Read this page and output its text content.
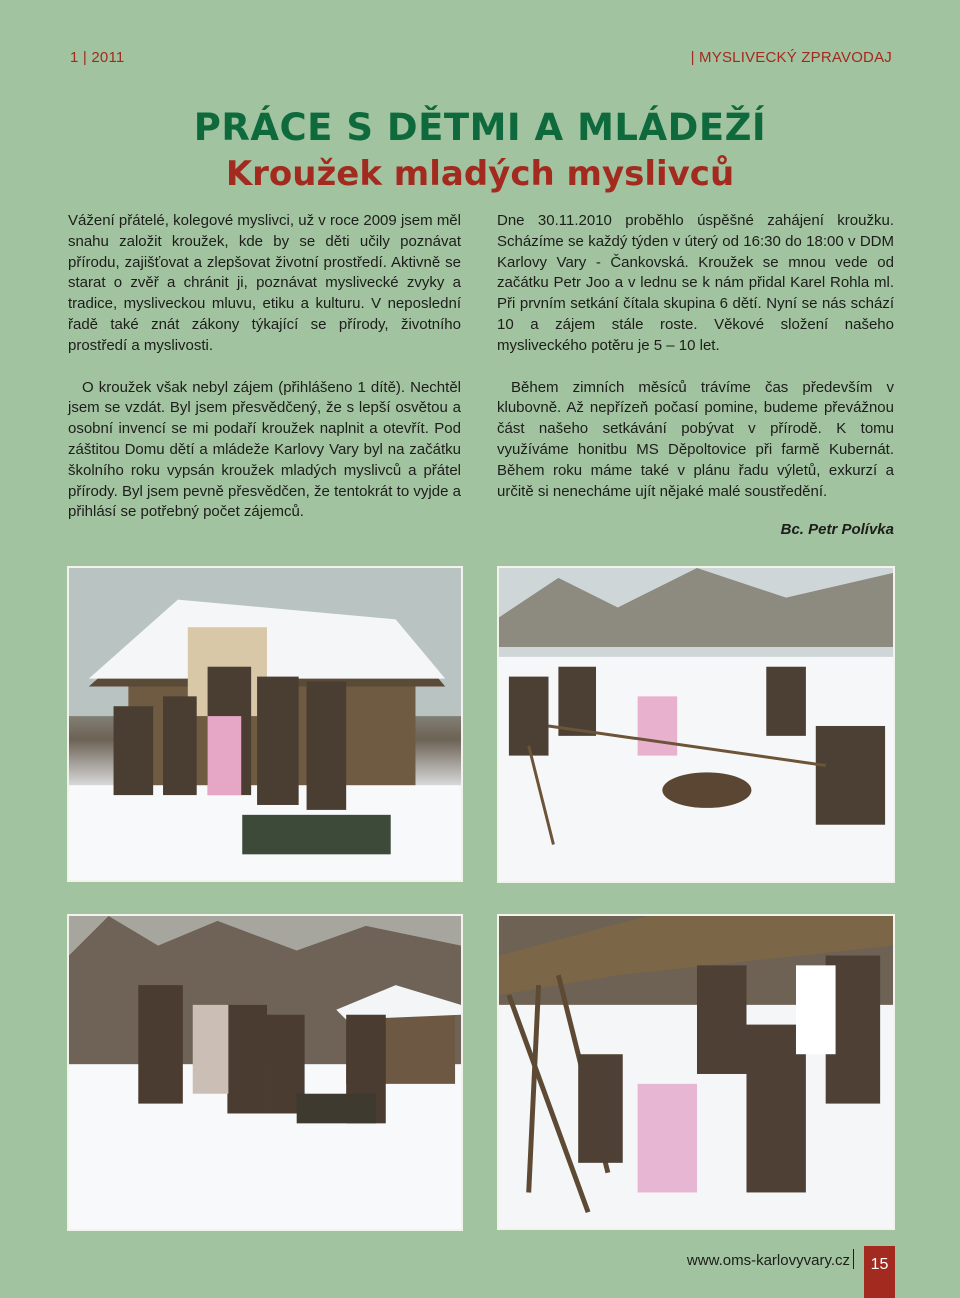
1 | 2011	| MYSLIVECKÝ ZPRAVODAJ
PRÁCE S DĚTMI A MLÁDEŽÍ
Kroužek mladých myslivců

Vážení přátelé, kolegové myslivci, už v roce 2009 jsem měl snahu založit kroužek, kde by se děti učily poznávat přírodu, zajišťovat a zlepšovat životní prostředí. Aktivně se starat o zvěř a chránit ji, poznávat myslivecké zvyky a tradice, mysliveckou mluvu, etiku a kulturu. V neposlední řadě také znát zákony týkající se přírody, životního prostředí a myslivosti.

O kroužek však nebyl zájem (přihlášeno 1 dítě). Nechtěl jsem se vzdát. Byl jsem přesvědčený, že s lepší osvětou a osobní invencí se mi podaří kroužek naplnit a otevřít. Pod záštitou Domu dětí a mládeže Karlovy Vary byl na začátku školního roku vypsán kroužek mladých myslivců a přátel přírody. Byl jsem pevně přesvědčen, že tentokrát to vyjde a přihlásí se potřebný počet zájemců.

Dne 30.11.2010 proběhlo úspěšné zahájení kroužku. Scházíme se každý týden v úterý od 16:30 do 18:00 v DDM Karlovy Vary - Čankovská. Kroužek se mnou vede od začátku Petr Joo a v lednu se k nám přidal Karel Rohla ml. Při prvním setkání čítala skupina 6 dětí. Nyní se nás schází 10 a zájem stále roste. Věkové složení našeho mysliveckého potěru je 5 – 10 let.

Během zimních měsíců trávíme čas především v klubovně. Až nepřízeň počasí pomine, budeme převážnou část našeho setkávání pobývat v přírodě. K tomu využíváme honitbu MS Děpoltovice při farmě Kubernát. Během roku máme také v plánu řadu výletů, exkurzí a určitě si nenecháme ujít nějaké malé soustředění.

Bc. Petr Polívka

www.oms-karlovyvary.cz	15
